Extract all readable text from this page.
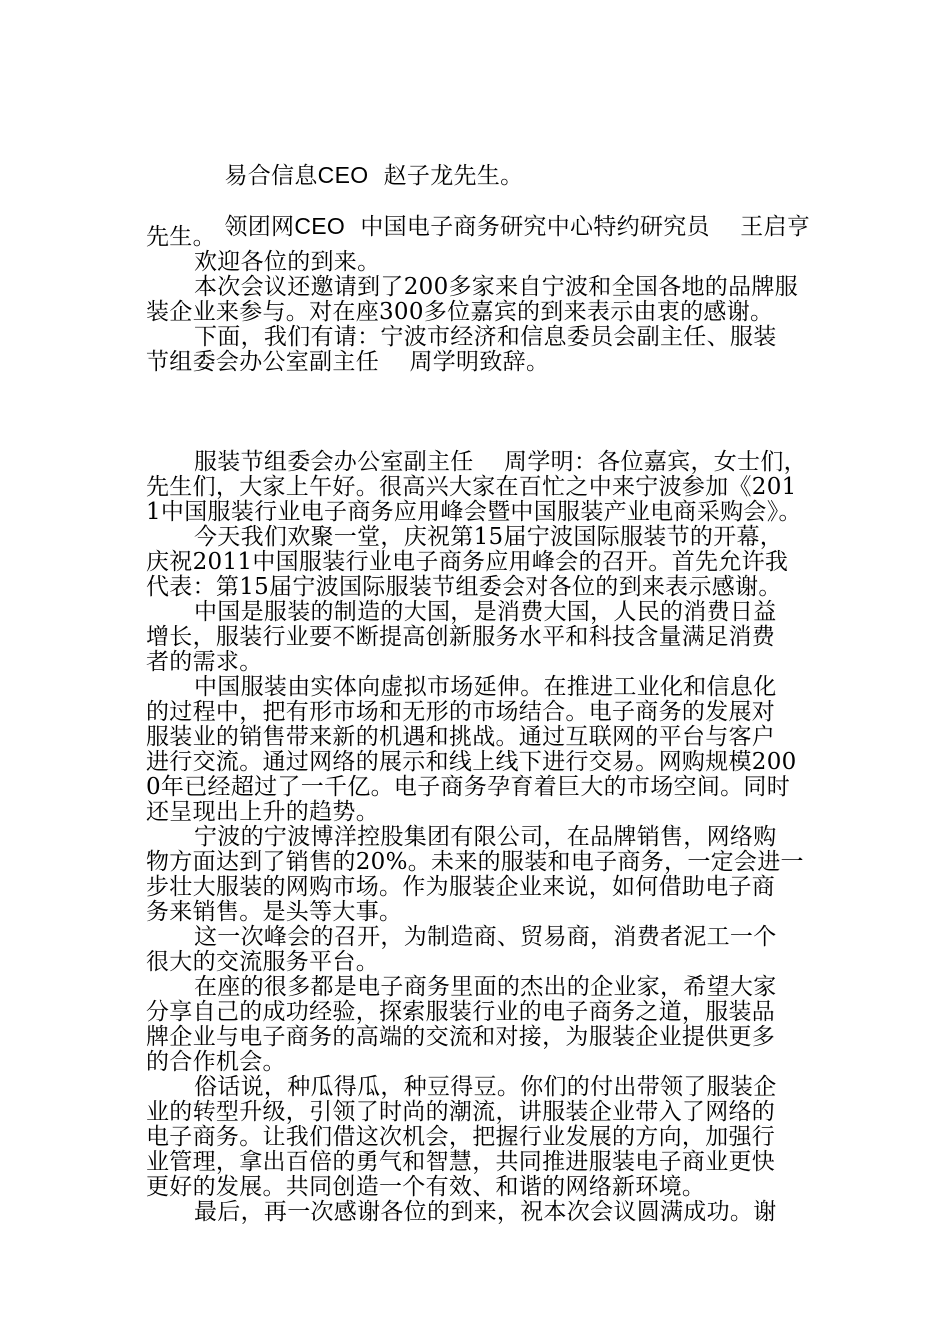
易合信息CEO  赵子龙先生。

领团网CEO  中国电子商务研究中心特约研究员    王启亨

先生。
欢迎各位的到来。
本次会议还邀请到了200多家来自宁波和全国各地的品牌服
装企业来参与。对在座300多位嘉宾的到来表示由衷的感谢。
下面，我们有请：宁波市经济和信息委员会副主任、服装
节组委会办公室副主任    周学明致辞。
服装节组委会办公室副主任    周学明：各位嘉宾，女士们，
先生们，大家上午好。很高兴大家在百忙之中来宁波参加《201
1中国服装行业电子商务应用峰会暨中国服装产业电商采购会》。
今天我们欢聚一堂，庆祝第15届宁波国际服装节的开幕，
庆祝2011中国服装行业电子商务应用峰会的召开。首先允许我
代表：第15届宁波国际服装节组委会对各位的到来表示感谢。
中国是服装的制造的大国，是消费大国，人民的消费日益
增长，服装行业要不断提高创新服务水平和科技含量满足消费
者的需求。
中国服装由实体向虚拟市场延伸。在推进工业化和信息化
的过程中，把有形市场和无形的市场结合。电子商务的发展对
服装业的销售带来新的机遇和挑战。通过互联网的平台与客户
进行交流。通过网络的展示和线上线下进行交易。网购规模200
0年已经超过了一千亿。电子商务孕育着巨大的市场空间。同时
还呈现出上升的趋势。
宁波的宁波博洋控股集团有限公司，在品牌销售，网络购
物方面达到了销售的20%。未来的服装和电子商务，一定会进一
步壮大服装的网购市场。作为服装企业来说，如何借助电子商
务来销售。是头等大事。
这一次峰会的召开，为制造商、贸易商，消费者泥工一个
很大的交流服务平台。
在座的很多都是电子商务里面的杰出的企业家，希望大家
分享自己的成功经验，探索服装行业的电子商务之道，服装品
牌企业与电子商务的高端的交流和对接，为服装企业提供更多
的合作机会。
俗话说，种瓜得瓜，种豆得豆。你们的付出带领了服装企
业的转型升级，引领了时尚的潮流，讲服装企业带入了网络的
电子商务。让我们借这次机会，把握行业发展的方向，加强行
业管理，拿出百倍的勇气和智慧，共同推进服装电子商业更快
更好的发展。共同创造一个有效、和谐的网络新环境。
最后，再一次感谢各位的到来，祝本次会议圆满成功。谢
